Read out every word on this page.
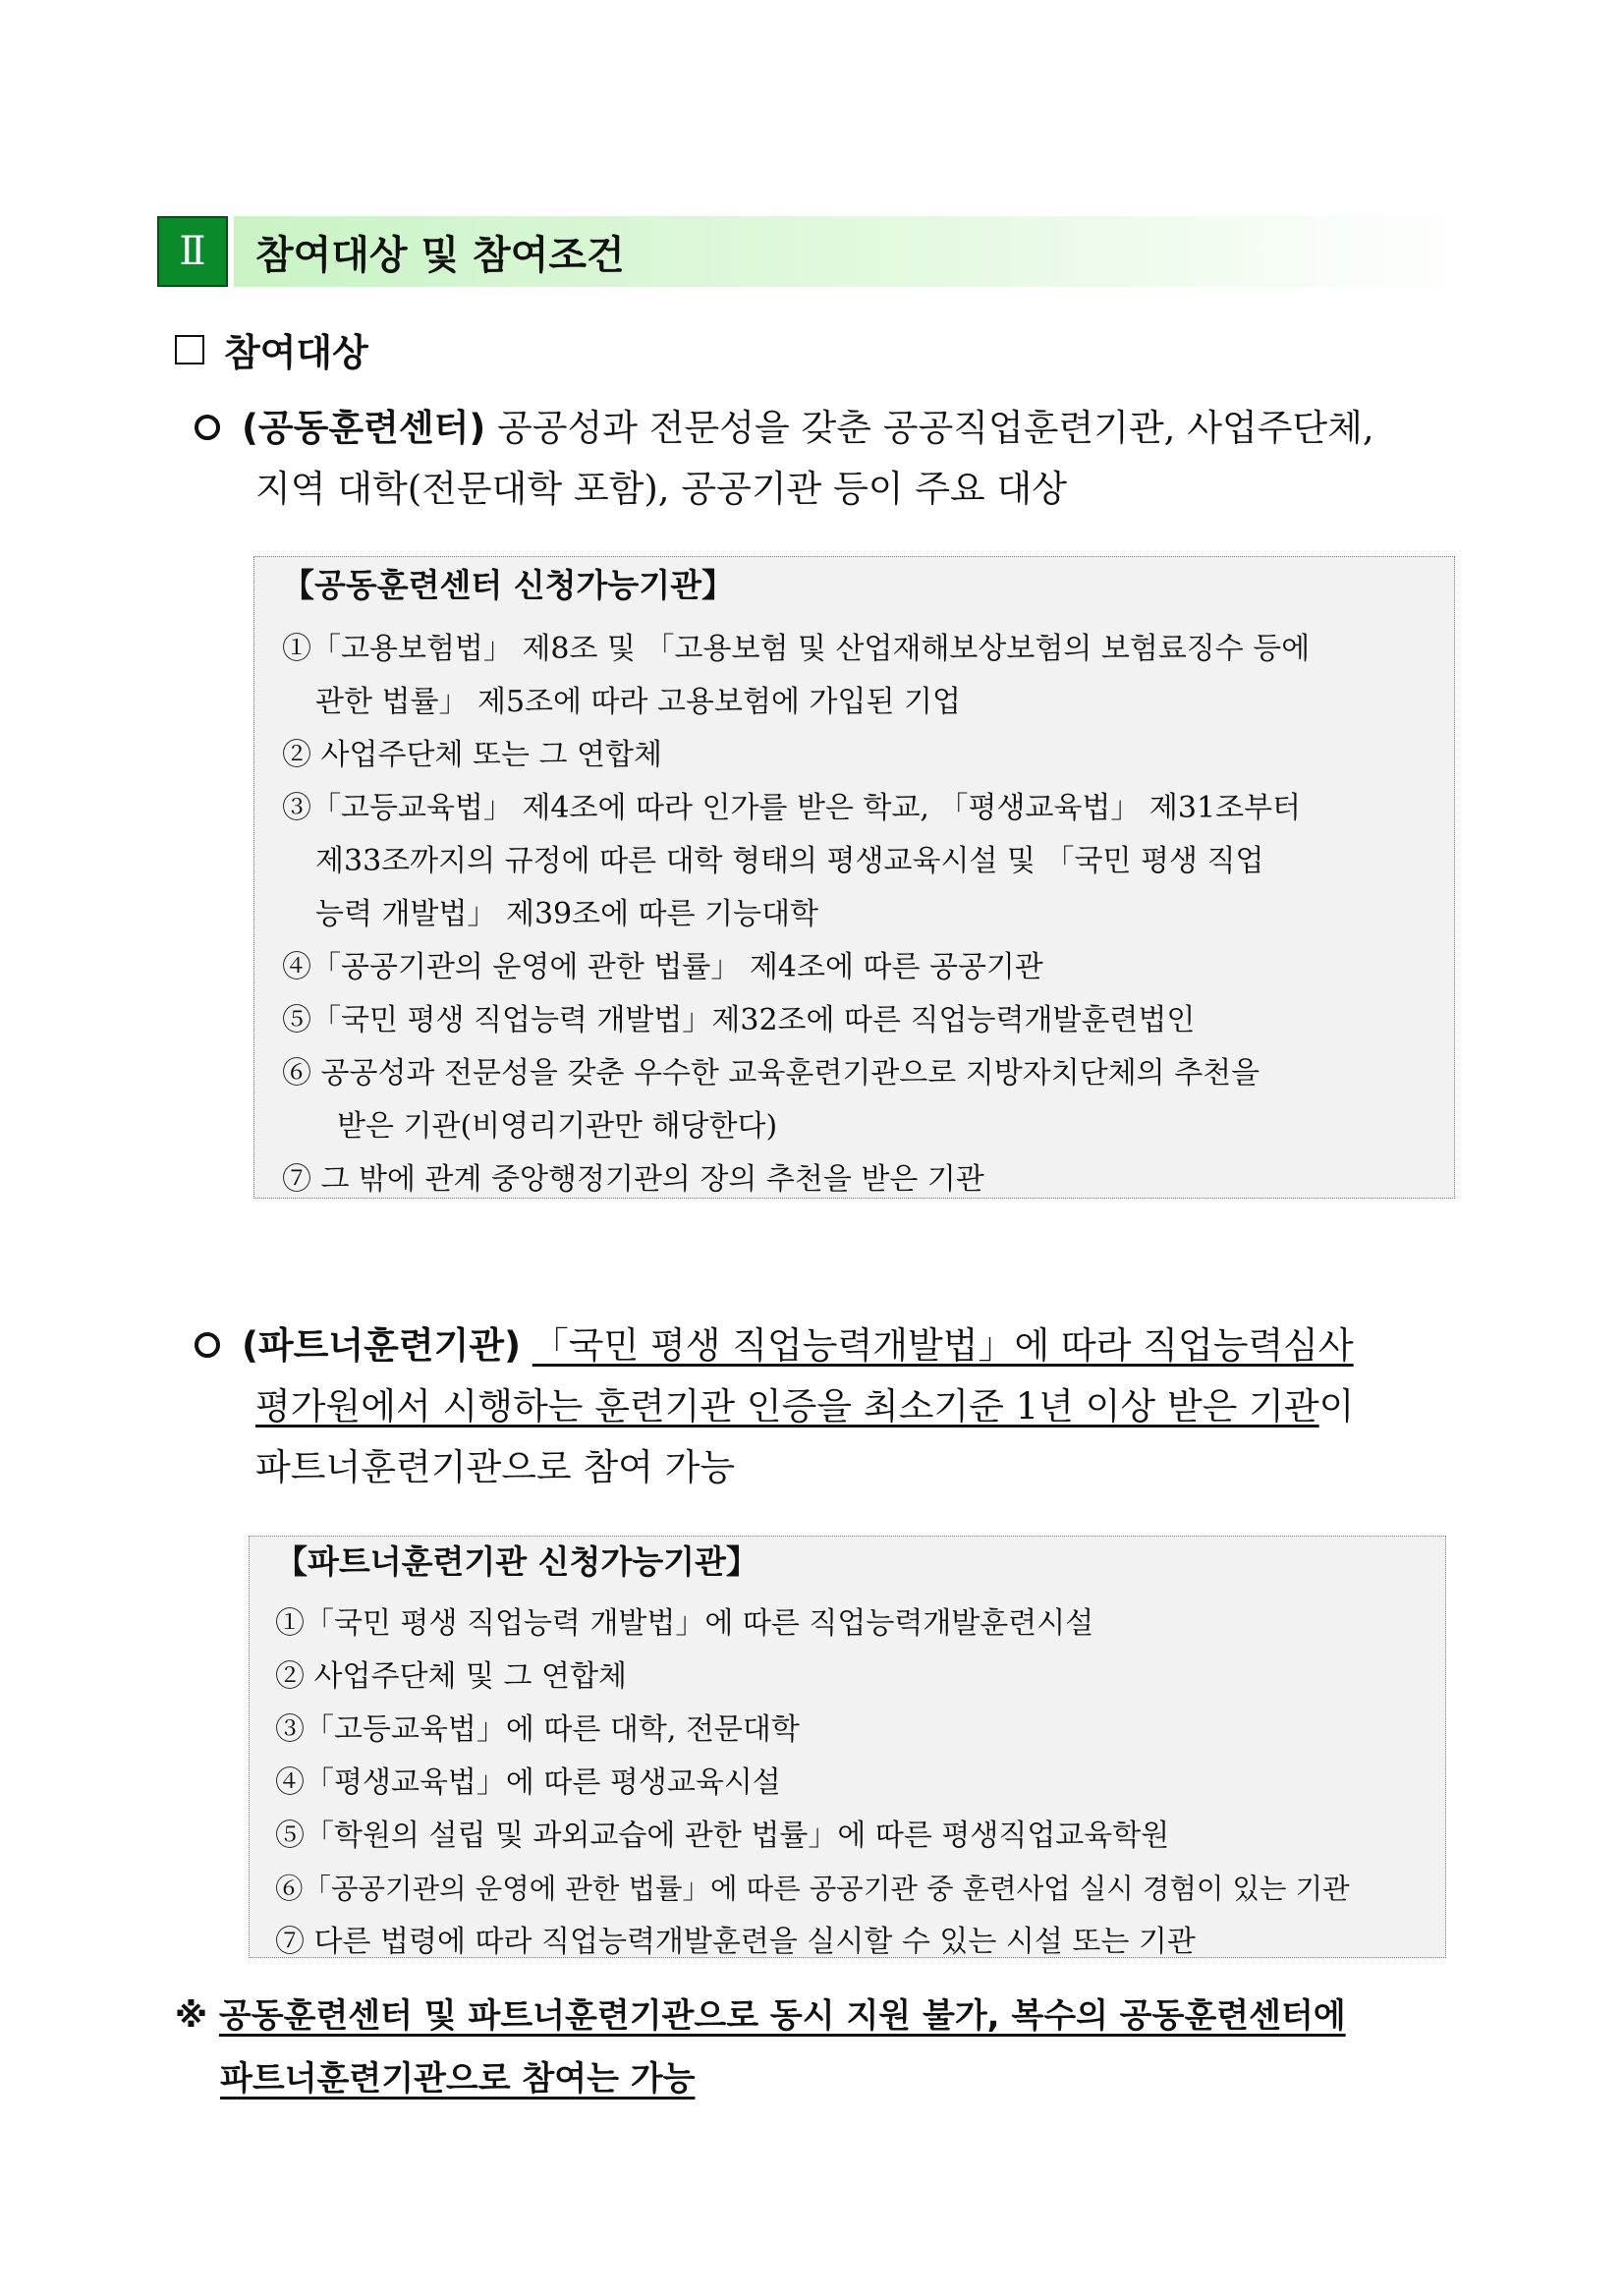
Ⅱ	참여대상 및 참여조건
참여대상
(공동훈련센터) 공공성과 전문성을 갖춘 공공직업훈련기관, 사업주단체,
지역 대학(전문대학 포함), 공공기관 등이 주요 대상
【공동훈련센터 신청가능기관】
①「고용보험법」 제8조 및 「고용보험 및 산업재해보상보험의 보험료징수 등에
관한 법률」 제5조에 따라 고용보험에 가입된 기업
② 사업주단체 또는 그 연합체
③「고등교육법」 제4조에 따라 인가를 받은 학교, 「평생교육법」 제31조부터
제33조까지의 규정에 따른 대학 형태의 평생교육시설 및 「국민 평생 직업
능력 개발법」 제39조에 따른 기능대학
④「공공기관의 운영에 관한 법률」 제4조에 따른 공공기관
⑤「국민 평생 직업능력 개발법」제32조에 따른 직업능력개발훈련법인
⑥ 공공성과 전문성을 갖춘 우수한 교육훈련기관으로 지방자치단체의 추천을
받은 기관(비영리기관만 해당한다)
⑦ 그 밖에 관계 중앙행정기관의 장의 추천을 받은 기관
(파트너훈련기관) 「국민 평생 직업능력개발법」에 따라 직업능력심사
평가원에서 시행하는 훈련기관 인증을 최소기준 1년 이상 받은 기관이
파트너훈련기관으로 참여 가능
【파트너훈련기관 신청가능기관】
①「국민 평생 직업능력 개발법」에 따른 직업능력개발훈련시설
② 사업주단체 및 그 연합체
③「고등교육법」에 따른 대학, 전문대학
④「평생교육법」에 따른 평생교육시설
⑤「학원의 설립 및 과외교습에 관한 법률」에 따른 평생직업교육학원
⑥「공공기관의 운영에 관한 법률」에 따른 공공기관 중 훈련사업 실시 경험이 있는 기관
⑦ 다른 법령에 따라 직업능력개발훈련을 실시할 수 있는 시설 또는 기관
※ 공동훈련센터 및 파트너훈련기관으로 동시 지원 불가, 복수의 공동훈련센터에
파트너훈련기관으로 참여는 가능
